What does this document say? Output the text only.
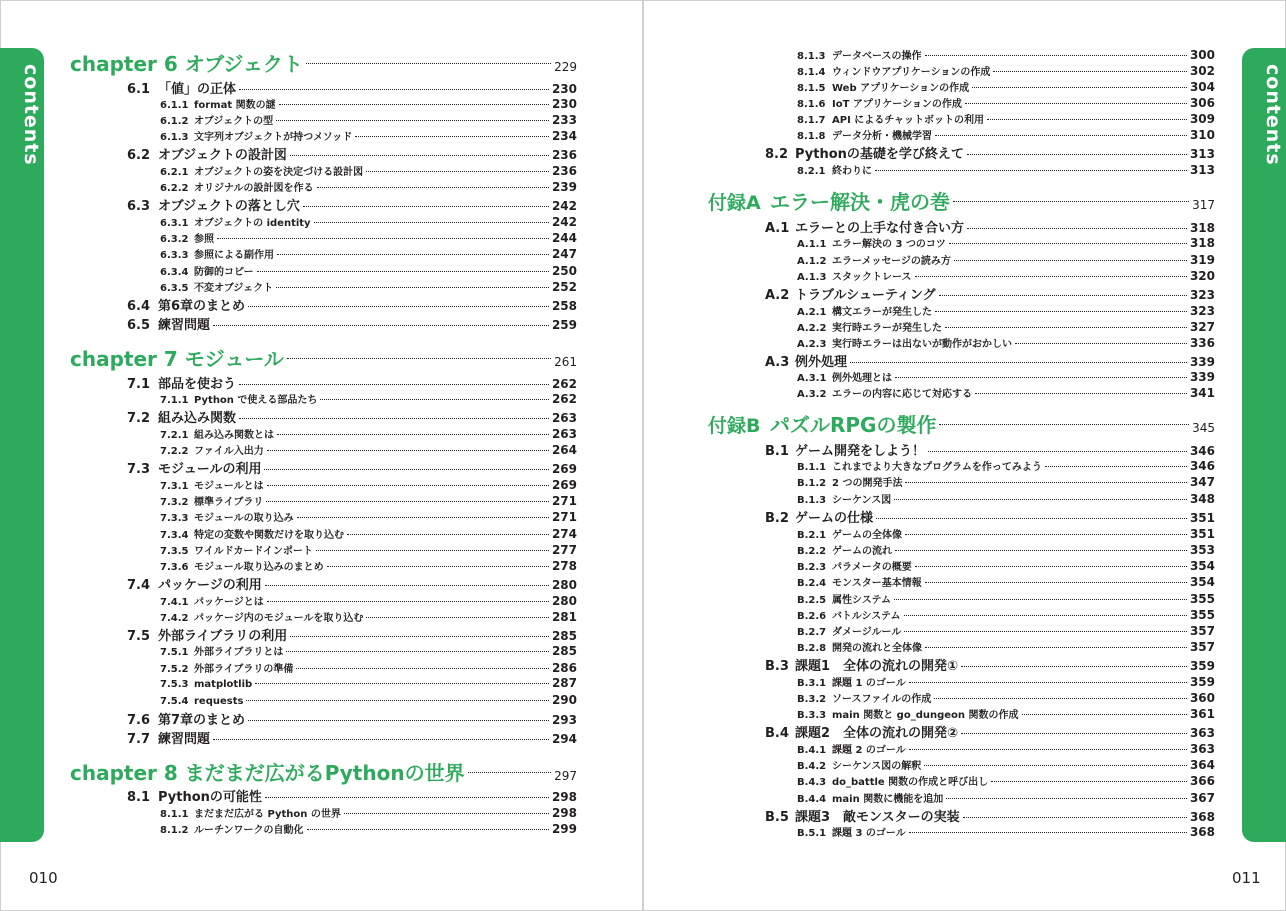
contents	contents
chapter 6 オブジェクト	229
6.1 「値」の正体	230
6.1.1 format 関数の謎	230
6.1.2 オブジェクトの型	233
6.1.3 文字列オブジェクトが持つメソッド	234
6.2 オブジェクトの設計図	236
6.2.1 オブジェクトの姿を決定づける設計図	236
6.2.2 オリジナルの設計図を作る	239
6.3 オブジェクトの落とし穴	242
6.3.1 オブジェクトの identity	242
6.3.2 参照	244
6.3.3 参照による副作用	247
6.3.4 防御的コピー	250
6.3.5 不変オブジェクト	252
6.4 第6章のまとめ	258
6.5 練習問題	259
chapter 7 モジュール	261
7.1 部品を使おう	262
7.1.1 Python で使える部品たち	262
7.2 組み込み関数	263
7.2.1 組み込み関数とは	263
7.2.2 ファイル入出力	264
7.3 モジュールの利用	269
7.3.1 モジュールとは	269
7.3.2 標準ライブラリ	271
7.3.3 モジュールの取り込み	271
7.3.4 特定の変数や関数だけを取り込む	274
7.3.5 ワイルドカードインポート	277
7.3.6 モジュール取り込みのまとめ	278
7.4 パッケージの利用	280
7.4.1 パッケージとは	280
7.4.2 パッケージ内のモジュールを取り込む	281
7.5 外部ライブラリの利用	285
7.5.1 外部ライブラリとは	285
7.5.2 外部ライブラリの準備	286
7.5.3 matplotlib	287
7.5.4 requests	290
7.6 第7章のまとめ	293
7.7 練習問題	294
chapter 8 まだまだ広がるPythonの世界	297
8.1 Pythonの可能性	298
8.1.1 まだまだ広がる Python の世界	298
8.1.2 ルーチンワークの自動化	299
8.1.3 データベースの操作	300
8.1.4 ウィンドウアプリケーションの作成	302
8.1.5 Web アプリケーションの作成	304
8.1.6 IoT アプリケーションの作成	306
8.1.7 API によるチャットボットの利用	309
8.1.8 データ分析・機械学習	310
8.2 Pythonの基礎を学び終えて	313
8.2.1 終わりに	313
付録A エラー解決・虎の巻	317
A.1 エラーとの上手な付き合い方	318
A.1.1 エラー解決の 3 つのコツ	318
A.1.2 エラーメッセージの読み方	319
A.1.3 スタックトレース	320
A.2 トラブルシューティング	323
A.2.1 構文エラーが発生した	323
A.2.2 実行時エラーが発生した	327
A.2.3 実行時エラーは出ないが動作がおかしい	336
A.3 例外処理	339
A.3.1 例外処理とは	339
A.3.2 エラーの内容に応じて対応する	341
付録B パズルRPGの製作	345
B.1 ゲーム開発をしよう！	346
B.1.1 これまでより大きなプログラムを作ってみよう	346
B.1.2 2 つの開発手法	347
B.1.3 シーケンス図	348
B.2 ゲームの仕様	351
B.2.1 ゲームの全体像	351
B.2.2 ゲームの流れ	353
B.2.3 パラメータの概要	354
B.2.4 モンスター基本情報	354
B.2.5 属性システム	355
B.2.6 バトルシステム	355
B.2.7 ダメージルール	357
B.2.8 開発の流れと全体像	357
B.3 課題1　全体の流れの開発①	359
B.3.1 課題 1 のゴール	359
B.3.2 ソースファイルの作成	360
B.3.3 main 関数と go_dungeon 関数の作成	361
B.4 課題2　全体の流れの開発②	363
B.4.1 課題 2 のゴール	363
B.4.2 シーケンス図の解釈	364
B.4.3 do_battle 関数の作成と呼び出し	366
B.4.4 main 関数に機能を追加	367
B.5 課題3　敵モンスターの実装	368
B.5.1 課題 3 のゴール	368
010	011
